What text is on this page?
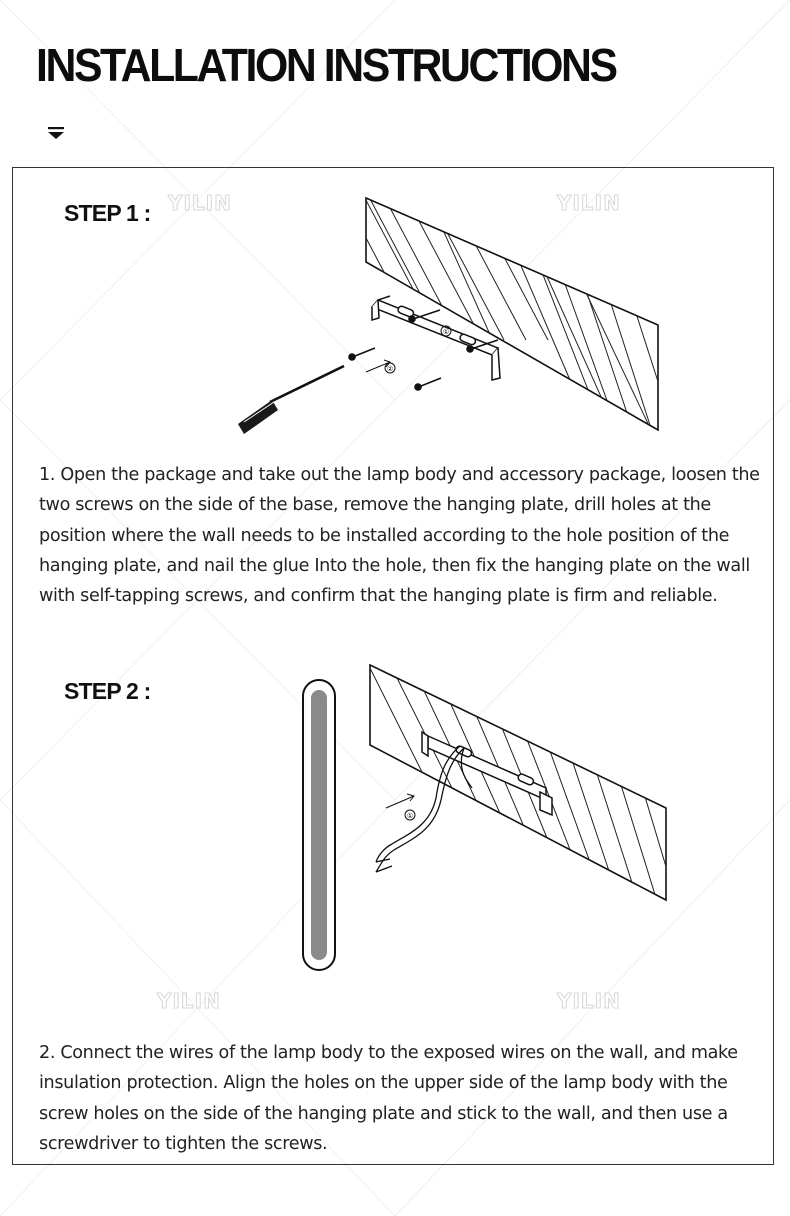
INSTALLATION INSTRUCTIONS
YILIN	YILIN
YILIN	YILIN
STEP 1 :
①
②

1. Open the package and take out the lamp body and accessory package, loosen the two screws on the side of the base, remove the hanging plate, drill holes at the position where the wall needs to be installed according to the hole position of the hanging plate, and nail the glue Into the hole, then fix the hanging plate on the wall with self-tapping screws, and confirm that the hanging plate is firm and reliable.

STEP 2 :
①

2. Connect the wires of the lamp body to the exposed wires on the wall, and make insulation protection. Align the holes on the upper side of the lamp body with the screw holes on the side of the hanging plate and stick to the wall, and then use a screwdriver to tighten the screws.
